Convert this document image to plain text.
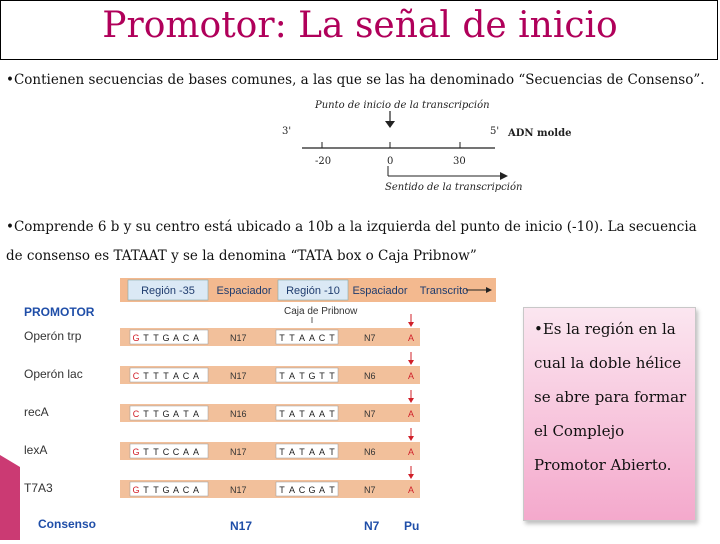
Promotor: La señal de inicio
•Contienen secuencias de bases comunes, a las que se las ha denominado “Secuencias de Consenso”.
Punto de inicio de la transcripción
3'	5' ADN molde
-20	0	30
Sentido de la transcripción
•Comprende 6 b y su centro está ubicado a 10b a la izquierda del punto de inicio (-10). La secuencia de consenso es TATAAT y se la denomina “TATA box o Caja Pribnow”
Región -35 Espaciador Región -10 Espaciador Transcrito
PROMOTOR	Caja de Pribnow
Operón trp	G T T G A C A	N17	T T A A C T	N7	A
Operón lac	C T T T A C A	N17	T A T G T T	N6	A
recA	C T T G A T A	N16	T A T A A T	N7	A
lexA	G T T C C A A	N17	T A T A A T	N6	A
T7A3	G T T G A C A	N17	T A C G A T	N7	A
Consenso	N17	N7 Pu
•Es la región en la cual la doble hélice se abre para formar el Complejo Promotor Abierto.
